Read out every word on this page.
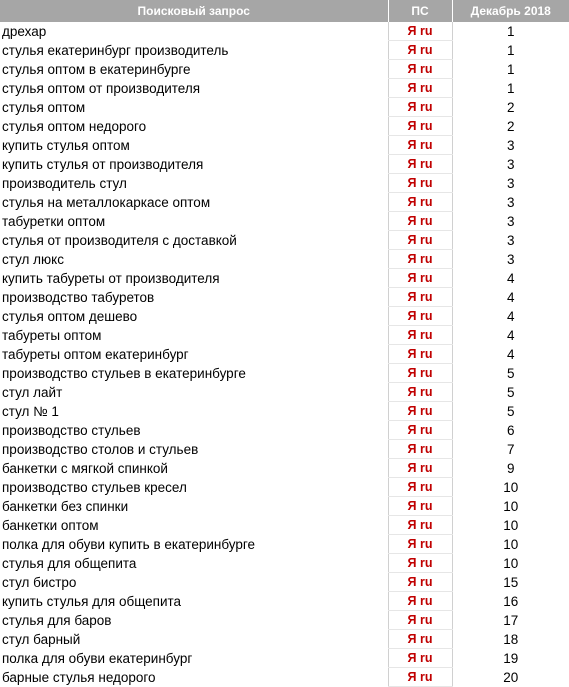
Поисковый запрос	ПС	Декабрь 2018
дрехар	Я ru	1
стулья екатеринбург производитель	Я ru	1
стулья оптом в екатеринбурге	Я ru	1
стулья оптом от производителя	Я ru	1
стулья оптом	Я ru	2
стулья оптом недорого	Я ru	2
купить стулья оптом	Я ru	3
купить стулья от производителя	Я ru	3
производитель стул	Я ru	3
стулья на металлокаркасе оптом	Я ru	3
табуретки оптом	Я ru	3
стулья от производителя с доставкой	Я ru	3
стул люкс	Я ru	3
купить табуреты от производителя	Я ru	4
производство табуретов	Я ru	4
стулья оптом дешево	Я ru	4
табуреты оптом	Я ru	4
табуреты оптом екатеринбург	Я ru	4
производство стульев в екатеринбурге	Я ru	5
стул лайт	Я ru	5
стул № 1	Я ru	5
производство стульев	Я ru	6
производство столов и стульев	Я ru	7
банкетки с мягкой спинкой	Я ru	9
производство стульев кресел	Я ru	10
банкетки без спинки	Я ru	10
банкетки оптом	Я ru	10
полка для обуви купить в екатеринбурге	Я ru	10
стулья для общепита	Я ru	10
стул бистро	Я ru	15
купить стулья для общепита	Я ru	16
стулья для баров	Я ru	17
стул барный	Я ru	18
полка для обуви екатеринбург	Я ru	19
барные стулья недорого	Я ru	20
